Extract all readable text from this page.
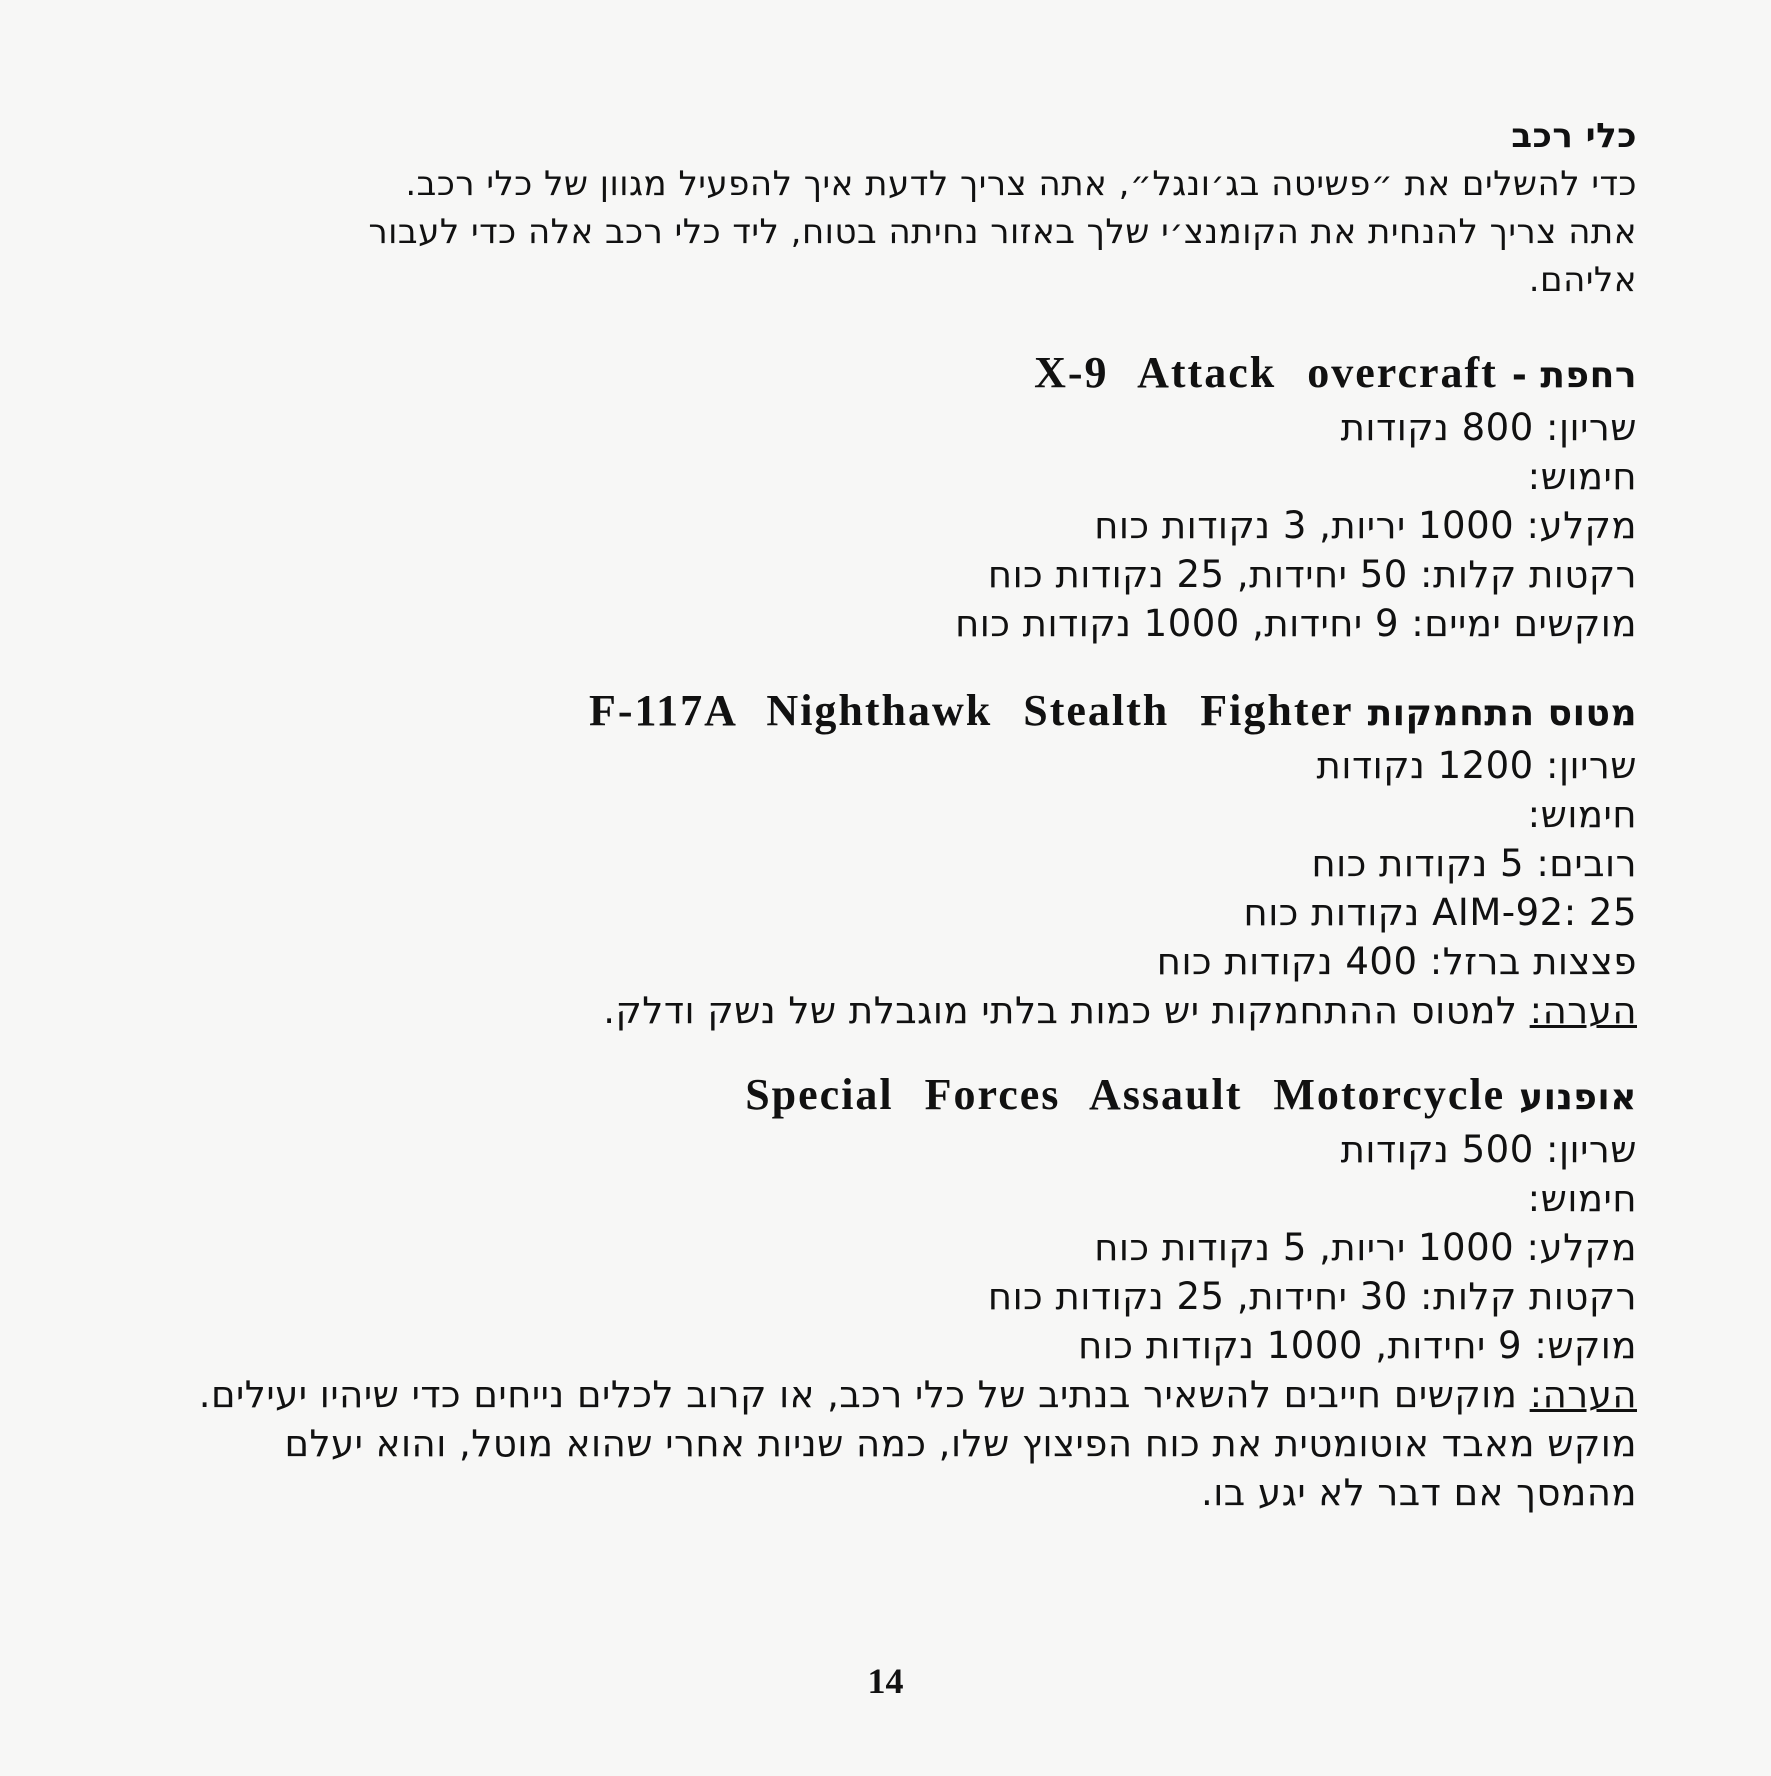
כלי רכב
כדי להשלים את ״פשיטה בג׳ונגל״, אתה צריך לדעת איך להפעיל מגוון של כלי רכב.
אתה צריך להנחית את הקומנצ׳י שלך באזור נחיתה בטוח, ליד כלי רכב אלה כדי לעבור
אליהם.
רחפת -X-9 Attack overcraft
שריון: 800 נקודות
חימוש:
מקלע: 1000 יריות, 3 נקודות כוח
רקטות קלות: 50 יחידות, 25 נקודות כוח
מוקשים ימיים: 9 יחידות, 1000 נקודות כוח
מטוס התחמקותF-117A Nighthawk Stealth Fighter
שריון: 1200 נקודות
חימוש:
רובים: 5 נקודות כוח
AIM-92: 25 נקודות כוח
פצצות ברזל: 400 נקודות כוח
הערה: למטוס ההתחמקות יש כמות בלתי מוגבלת של נשק ודלק.
אופנועSpecial Forces Assault Motorcycle
שריון: 500 נקודות
חימוש:
מקלע: 1000 יריות, 5 נקודות כוח
רקטות קלות: 30 יחידות, 25 נקודות כוח
מוקש: 9 יחידות, 1000 נקודות כוח
הערה: מוקשים חייבים להשאיר בנתיב של כלי רכב, או קרוב לכלים נייחים כדי שיהיו יעילים. מוקש מאבד אוטומטית את כוח הפיצוץ שלו, כמה שניות אחרי שהוא מוטל, והוא יעלם מהמסך אם דבר לא יגע בו.
14
